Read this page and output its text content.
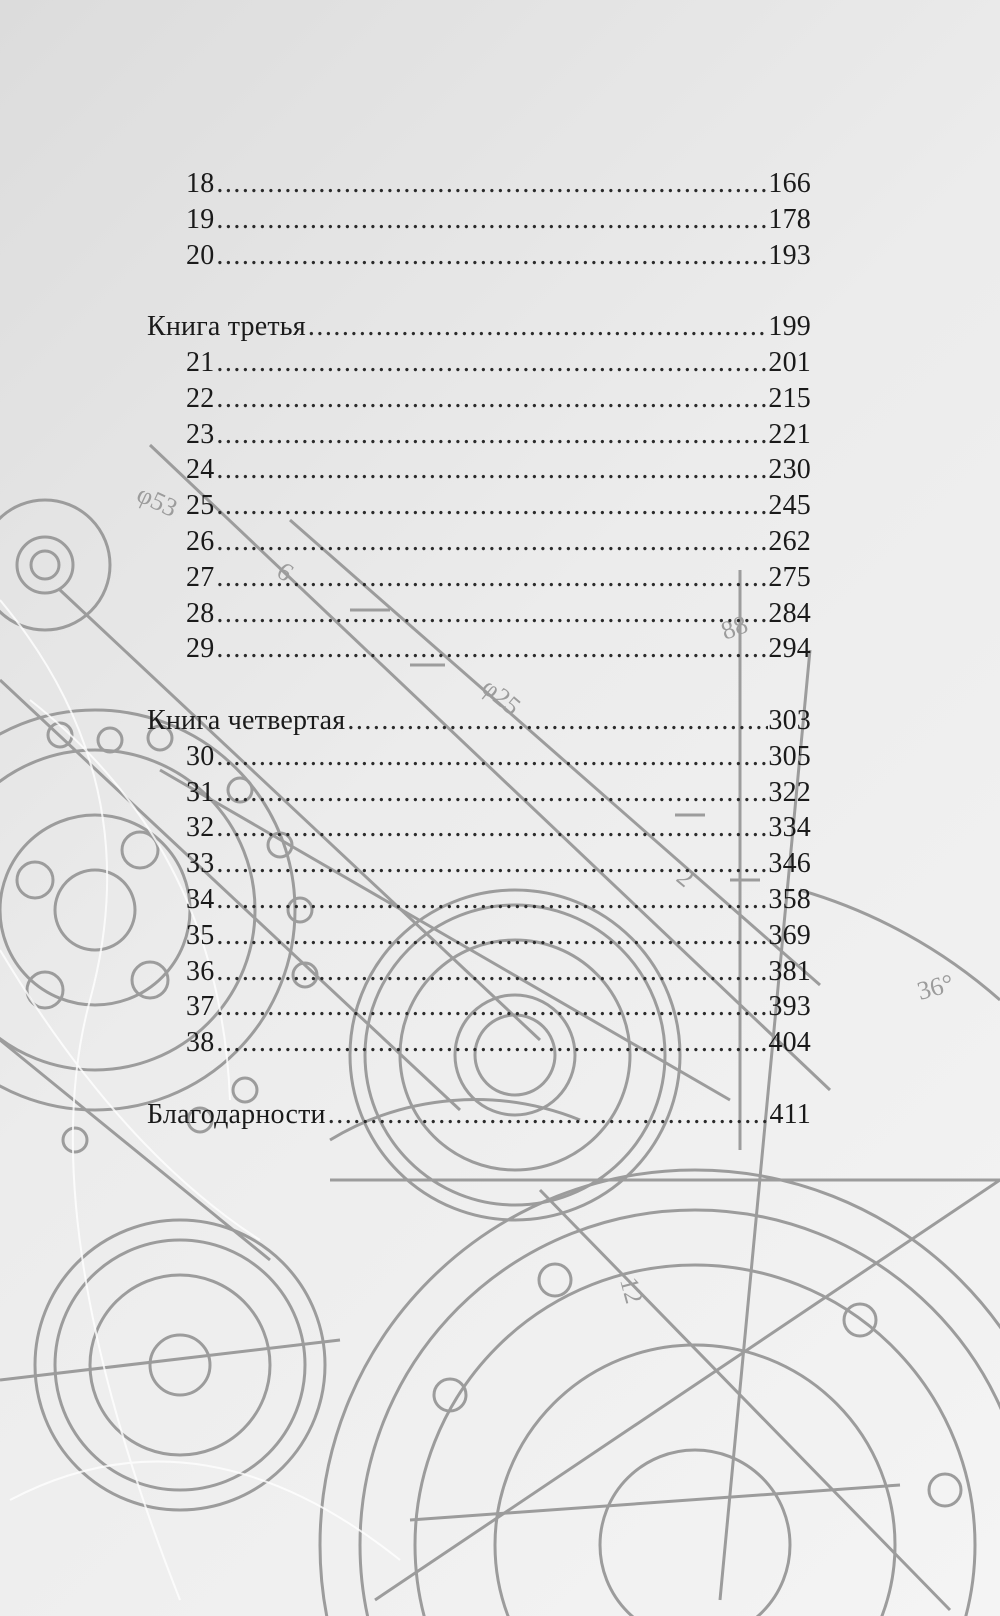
φ53
6
φ25
88
2
36°
12
18 .....	166
19 .....	178
20 .....	193
Книга третья .....	199
21 .....	201
22 .....	215
23 .....	221
24 .....	230
25 .....	245
26 .....	262
27 .....	275
28 .....	284
29 .....	294
Книга четвертая .....	303
30 .....	305
31 .....	322
32 .....	334
33 .....	346
34 .....	358
35 .....	369
36 .....	381
37 .....	393
38 .....	404
Благодарности .....	411
